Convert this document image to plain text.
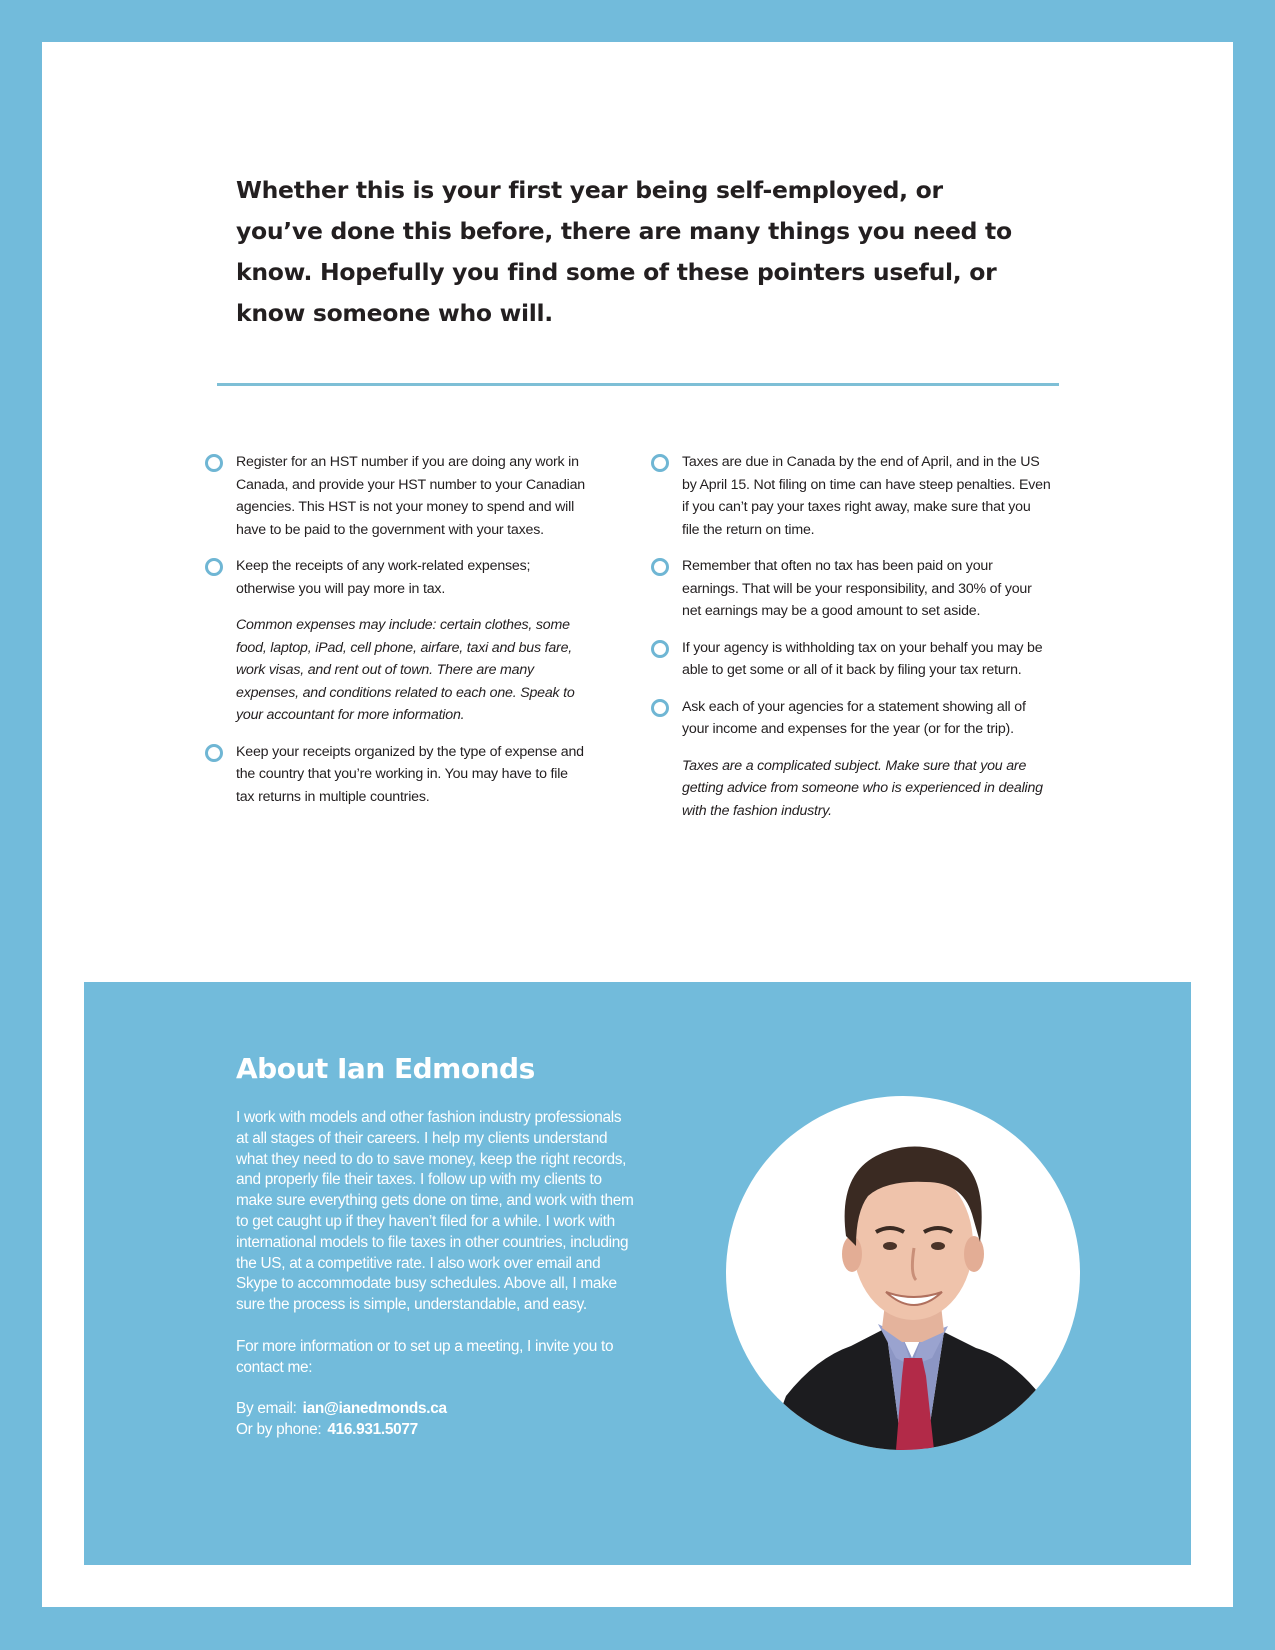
Whether this is your first year being self-employed, or you’ve done this before, there are many things you need to know. Hopefully you find some of these pointers useful, or know someone who will.

Register for an HST number if you are doing any work in Canada, and provide your HST number to your Canadian agencies. This HST is not your money to spend and will have to be paid to the government with your taxes.
Keep the receipts of any work-related expenses; otherwise you will pay more in tax.
Common expenses may include: certain clothes, some food, laptop, iPad, cell phone, airfare, taxi and bus fare, work visas, and rent out of town. There are many expenses, and conditions related to each one. Speak to your accountant for more information.
Keep your receipts organized by the type of expense and the country that you’re working in. You may have to file tax returns in multiple countries.
Taxes are due in Canada by the end of April, and in the US by April 15. Not filing on time can have steep penalties. Even if you can’t pay your taxes right away, make sure that you file the return on time.
Remember that often no tax has been paid on your earnings. That will be your responsibility, and 30% of your net earnings may be a good amount to set aside.
If your agency is withholding tax on your behalf you may be able to get some or all of it back by filing your tax return.
Ask each of your agencies for a statement showing all of your income and expenses for the year (or for the trip).
Taxes are a complicated subject. Make sure that you are getting advice from someone who is experienced in dealing with the fashion industry.
About Ian Edmonds

I work with models and other fashion industry professionals at all stages of their careers. I help my clients understand what they need to do to save money, keep the right records, and properly file their taxes. I follow up with my clients to make sure everything gets done on time, and work with them to get caught up if they haven’t filed for a while. I work with international models to file taxes in other countries, including the US, at a competitive rate. I also work over email and Skype to accommodate busy schedules. Above all, I make sure the process is simple, understandable, and easy.

For more information or to set up a meeting, I invite you to contact me:

By email: ian@ianedmonds.ca

Or by phone: 416.931.5077
